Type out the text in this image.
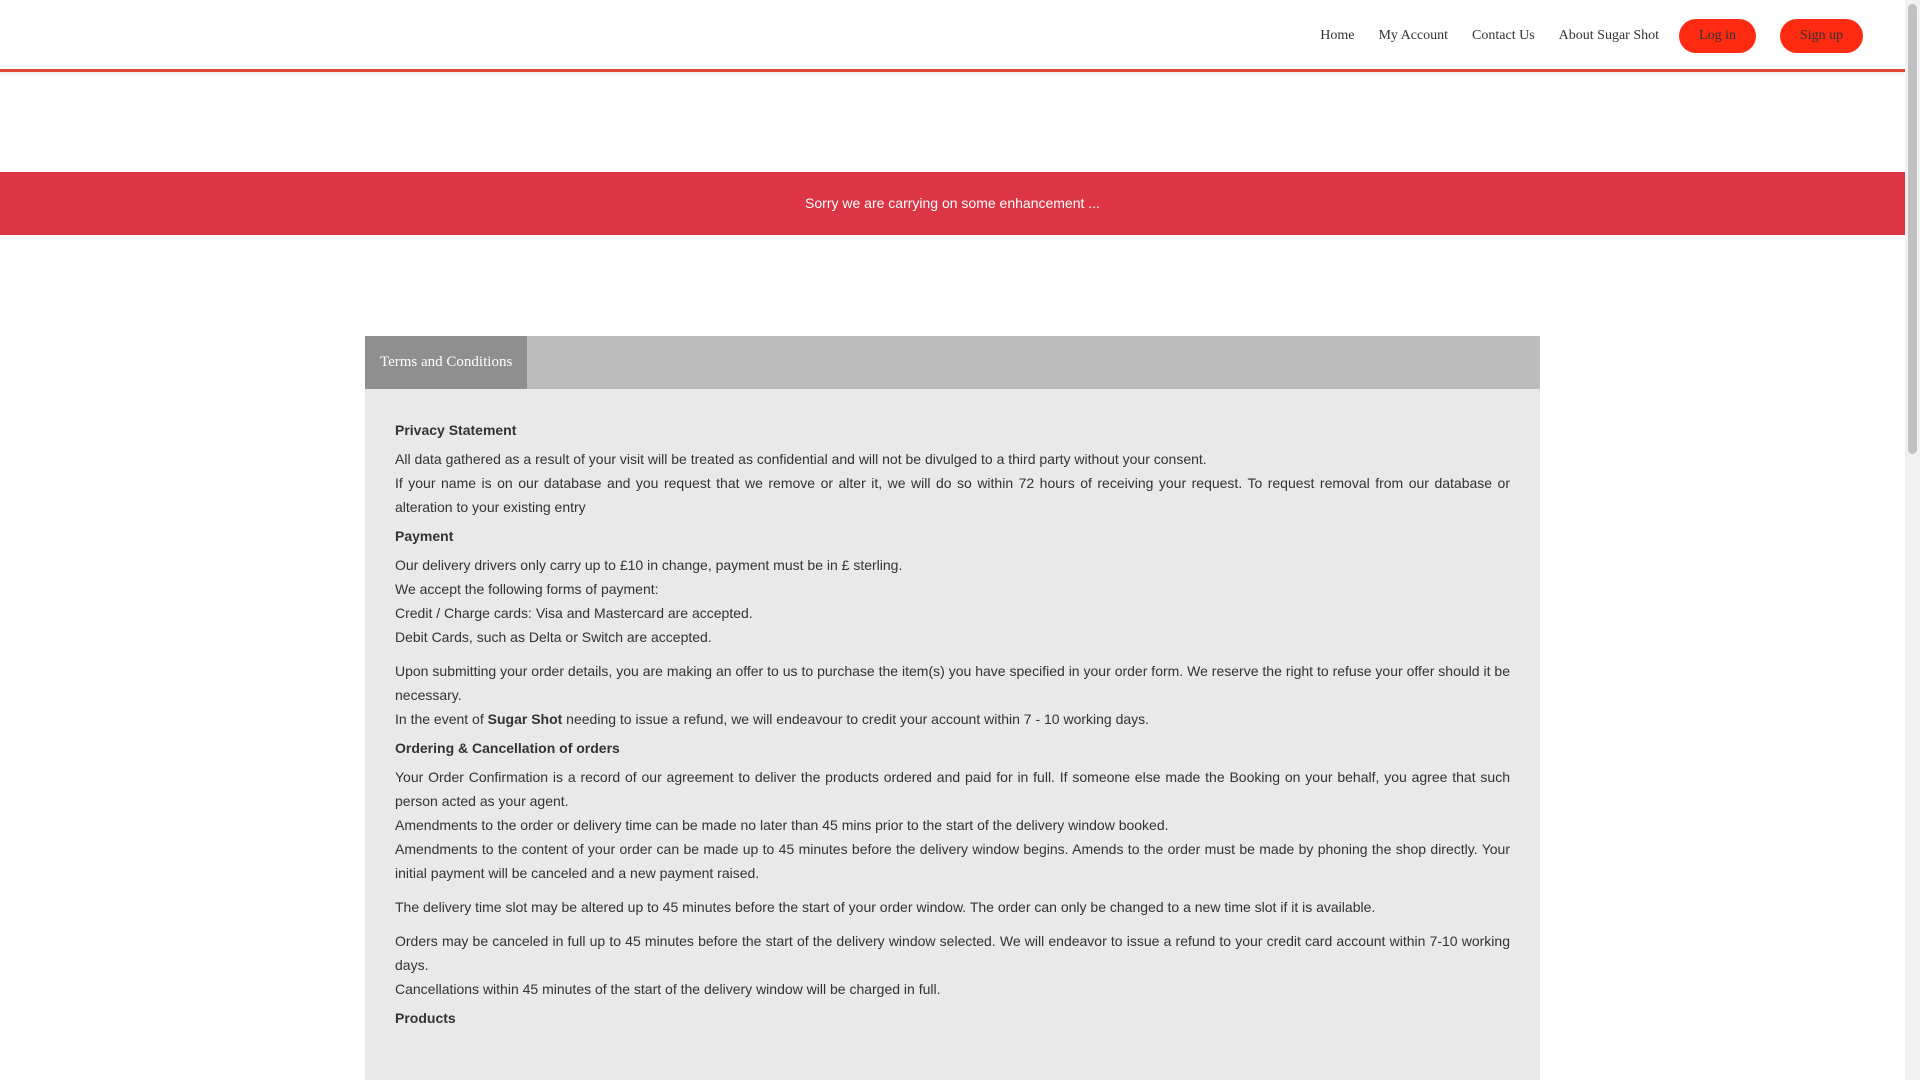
Home My Account Contact Us About Sugar Shot	Log in	Sign up
Sorry we are carrying on some enhancement ...
Terms and Conditions
Privacy Statement

All data gathered as a result of your visit will be treated as confidential and will not be divulged to a third party without your consent.

If your name is on our database and you request that we remove or alter it, we will do so within 72 hours of receiving your request. To request removal from our database or alteration to your existing entry

Payment

Our delivery drivers only carry up to £10 in change, payment must be in £ sterling.

We accept the following forms of payment:

Credit / Charge cards: Visa and Mastercard are accepted.

Debit Cards, such as Delta or Switch are accepted.

Upon submitting your order details, you are making an offer to us to purchase the item(s) you have specified in your order form. We reserve the right to refuse your offer should it be necessary.

In the event of Sugar Shot needing to issue a refund, we will endeavour to credit your account within 7 - 10 working days.

Ordering & Cancellation of orders

Your Order Confirmation is a record of our agreement to deliver the products ordered and paid for in full. If someone else made the Booking on your behalf, you agree that such person acted as your agent.

Amendments to the order or delivery time can be made no later than 45 mins prior to the start of the delivery window booked.

Amendments to the content of your order can be made up to 45 minutes before the delivery window begins. Amends to the order must be made by phoning the shop directly. Your initial payment will be canceled and a new payment raised.

The delivery time slot may be altered up to 45 minutes before the start of your order window. The order can only be changed to a new time slot if it is available.

Orders may be canceled in full up to 45 minutes before the start of the delivery window selected. We will endeavor to issue a refund to your credit card account within 7-10 working days.

Cancellations within 45 minutes of the start of the delivery window will be charged in full.

Products
